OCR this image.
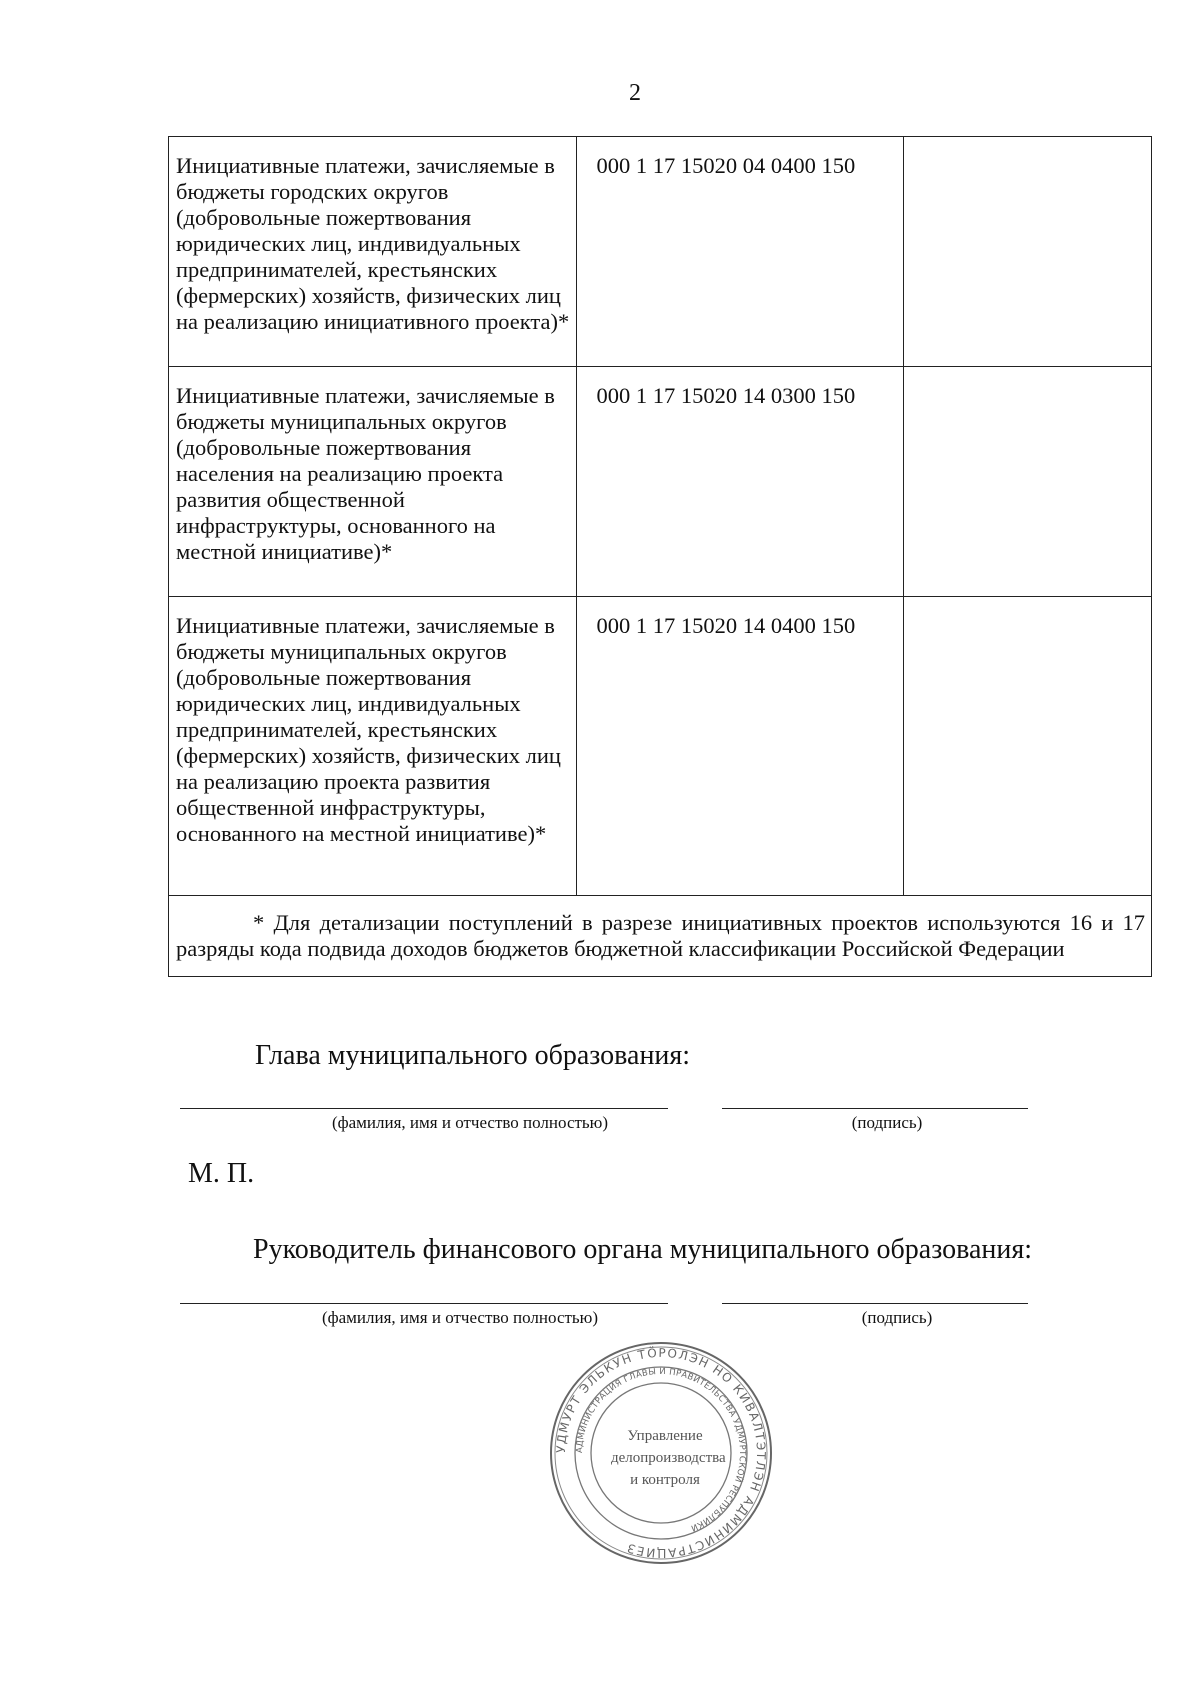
2
Инициативные платежи, зачисляемые в бюджеты городских округов (добровольные пожертвования юридических лиц, индивидуальных предпринимателей, крестьянских (фермерских) хозяйств, физических лиц на реализацию инициативного проекта)*	000 1 17 15020 04 0400 150	
Инициативные платежи, зачисляемые в бюджеты муниципальных округов (добровольные пожертвования населения на реализацию проекта развития общественной инфраструктуры, основанного на местной инициативе)*	000 1 17 15020 14 0300 150	
Инициативные платежи, зачисляемые в бюджеты муниципальных округов (добровольные пожертвования юридических лиц, индивидуальных предпринимателей, крестьянских (фермерских) хозяйств, физических лиц на реализацию проекта развития общественной инфраструктуры, основанного на местной инициативе)*	000 1 17 15020 14 0400 150	
* Для детализации поступлений в разрезе инициативных проектов используются 16 и 17 разряды кода подвида доходов бюджетов бюджетной классификации Российской Федерации		
Глава муниципального образования:
(фамилия, имя и отчество полностью)	(подпись)
М. П.
Руководитель финансового органа муниципального образования:
(фамилия, имя и отчество полностью)	(подпись)
УДМУРТ ЭЛЬКУН ТӦРОЛЭН НО КИВАЛТЭТЛЭН АДМИНИСТРАЦИЕЗ
АДМИНИСТРАЦИЯ ГЛАВЫ И ПРАВИТЕЛЬСТВА УДМУРТСКОЙ РЕСПУБЛИКИ
Управление делопроизводства и контроля
